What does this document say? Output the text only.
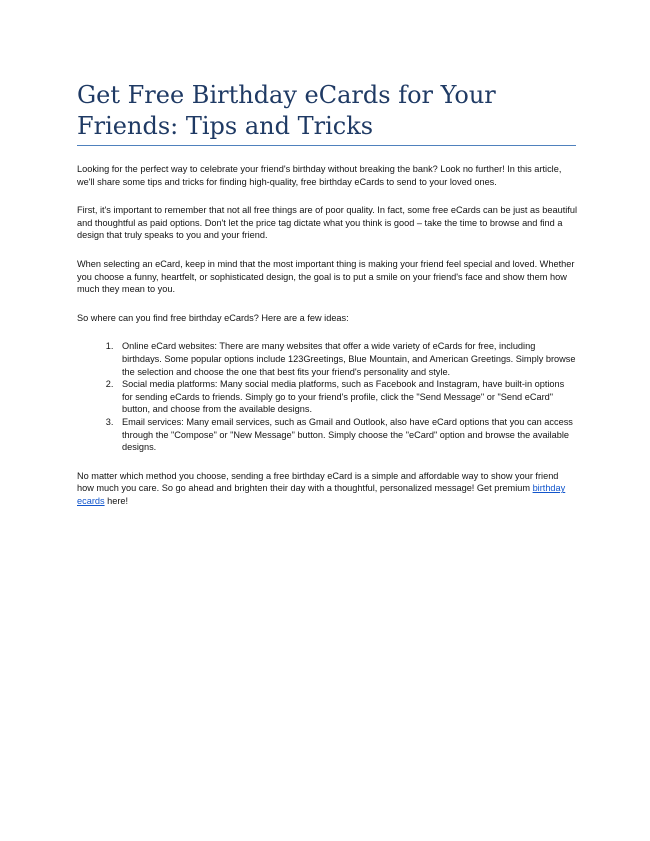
Get Free Birthday eCards for Your Friends: Tips and Tricks

Looking for the perfect way to celebrate your friend's birthday without breaking the bank? Look no further! In this article, we'll share some tips and tricks for finding high-quality, free birthday eCards to send to your loved ones.

First, it's important to remember that not all free things are of poor quality. In fact, some free eCards can be just as beautiful and thoughtful as paid options. Don't let the price tag dictate what you think is good – take the time to browse and find a design that truly speaks to you and your friend.

When selecting an eCard, keep in mind that the most important thing is making your friend feel special and loved. Whether you choose a funny, heartfelt, or sophisticated design, the goal is to put a smile on your friend's face and show them how much they mean to you.

So where can you find free birthday eCards? Here are a few ideas:

1. Online eCard websites: There are many websites that offer a wide variety of eCards for free, including birthdays. Some popular options include 123Greetings, Blue Mountain, and American Greetings. Simply browse the selection and choose the one that best fits your friend's personality and style.
2. Social media platforms: Many social media platforms, such as Facebook and Instagram, have built-in options for sending eCards to friends. Simply go to your friend's profile, click the "Send Message" or "Send eCard" button, and choose from the available designs.
3. Email services: Many email services, such as Gmail and Outlook, also have eCard options that you can access through the "Compose" or "New Message" button. Simply choose the "eCard" option and browse the available designs.

No matter which method you choose, sending a free birthday eCard is a simple and affordable way to show your friend how much you care. So go ahead and brighten their day with a thoughtful, personalized message! Get premium birthday ecards here!
